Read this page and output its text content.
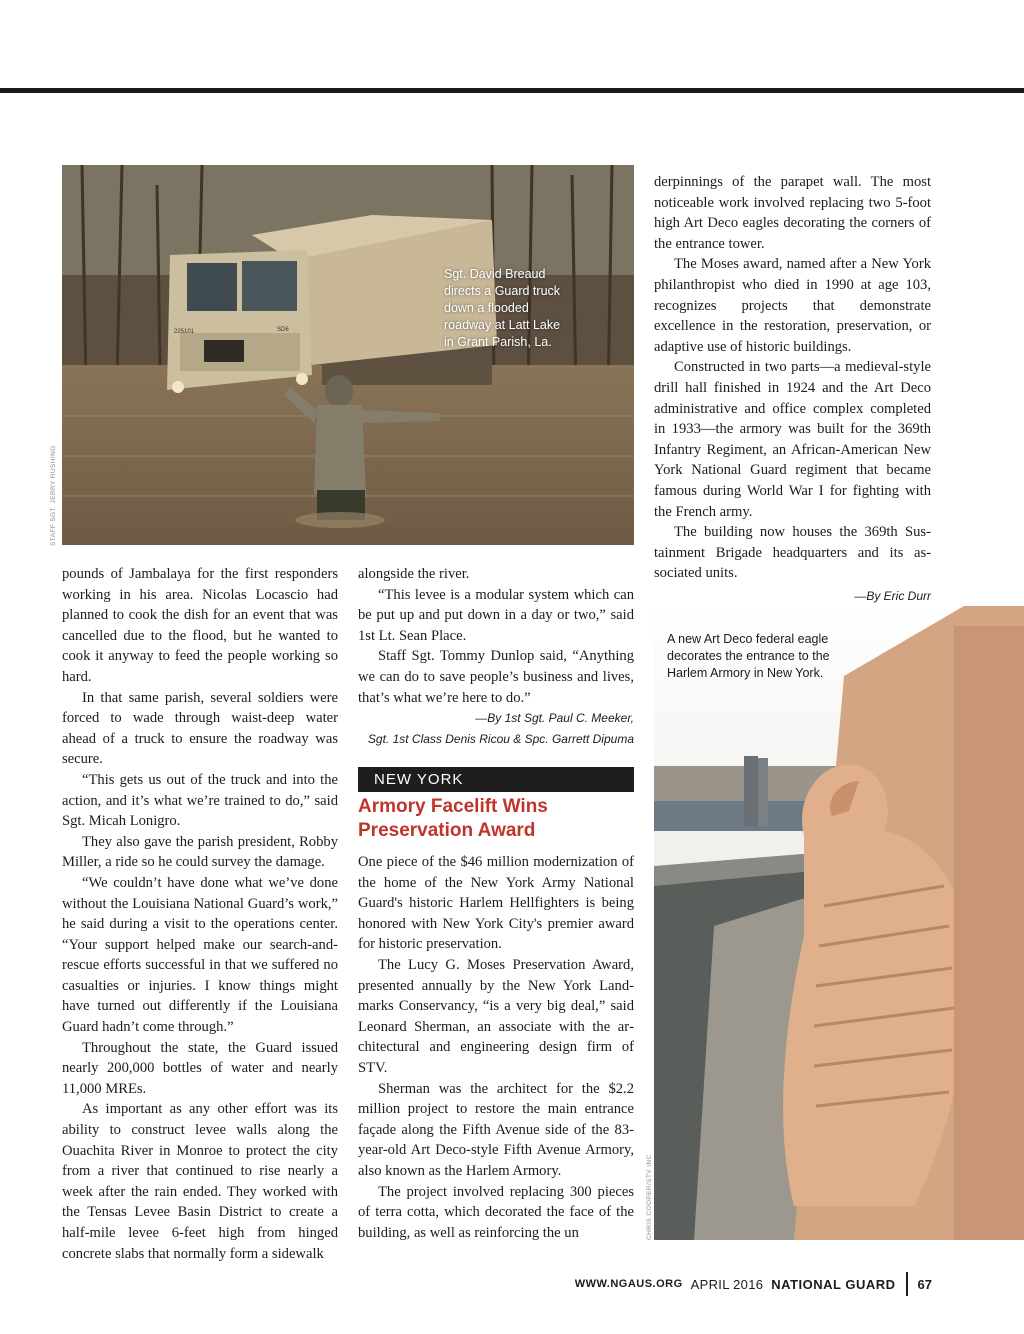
225101	SD6
Sgt. David Breaud directs a Guard truck down a flooded roadway at Latt Lake in Grant Parish, La.
STAFF SGT. JERRY RUSHING

pounds of Jambalaya for the first responders working in his area. Nicolas Locascio had planned to cook the dish for an event that was cancelled due to the flood, but he wanted to cook it anyway to feed the people working so hard.

In that same parish, several soldiers were forced to wade through waist-deep water ahead of a truck to ensure the roadway was secure.

“This gets us out of the truck and into the action, and it’s what we’re trained to do,” said Sgt. Micah Lonigro.

They also gave the parish president, Robby Miller, a ride so he could survey the damage.

“We couldn’t have done what we’ve done without the Louisiana National Guard’s work,” he said during a visit to the operations center. “Your support helped make our search-and-rescue efforts successful in that we suffered no casualties or injuries. I know things might have turned out differently if the Louisiana Guard hadn’t come through.”

Throughout the state, the Guard issued nearly 200,000 bottles of water and nearly 11,000 MREs.

As important as any other effort was its ability to construct levee walls along the Ouachita River in Monroe to protect the city from a river that continued to rise nearly a week after the rain ended. They worked with the Tensas Levee Basin District to create a half-mile levee 6-feet high from hinged concrete slabs that normally form a sidewalk

alongside the river.

“This levee is a modular system which can be put up and put down in a day or two,” said 1st Lt. Sean Place.

Staff Sgt. Tommy Dunlop said, “Anything we can do to save people’s business and lives, that’s what we’re here to do.”

—By 1st Sgt. Paul C. Meeker,
Sgt. 1st Class Denis Ricou & Spc. Garrett Dipuma
NEW YORK
Armory Facelift Wins Preservation Award

One piece of the $46 million modernization of the home of the New York Army National Guard's historic Harlem Hellfighters is being honored with New York City's premier award for historic preservation.

The Lucy G. Moses Preservation Award, presented annually by the New York Landmarks Conservancy, “is a very big deal,” said Leonard Sherman, an associate with the architectural and engineering design firm of STV.

Sherman was the architect for the $2.2 million project to restore the main entrance façade along the Fifth Avenue side of the 83-year-old Art Deco-style Fifth Avenue Armory, also known as the Harlem Armory.

The project involved replacing 300 pieces of terra cotta, which decorated the face of the building, as well as reinforcing the un

derpinnings of the parapet wall. The most noticeable work involved replacing two 5-foot high Art Deco eagles decorating the corners of the entrance tower.

The Moses award, named after a New York philanthropist who died in 1990 at age 103, recognizes projects that demonstrate excellence in the restoration, preservation, or adaptive use of historic buildings.

Constructed in two parts—a medieval-style drill hall finished in 1924 and the Art Deco administrative and office complex completed in 1933—the armory was built for the 369th Infantry Regiment, an African-American New York National Guard regiment that became famous during World War I for fighting with the French army.

The building now houses the 369th Sustainment Brigade headquarters and its associated units.

—By Eric Durr
A new Art Deco federal eagle decorates the entrance to the Harlem Armory in New York.
CHRIS COOPER/STV INC
WWW.NGAUS.ORG APRIL 2016 NATIONAL GUARD 67
